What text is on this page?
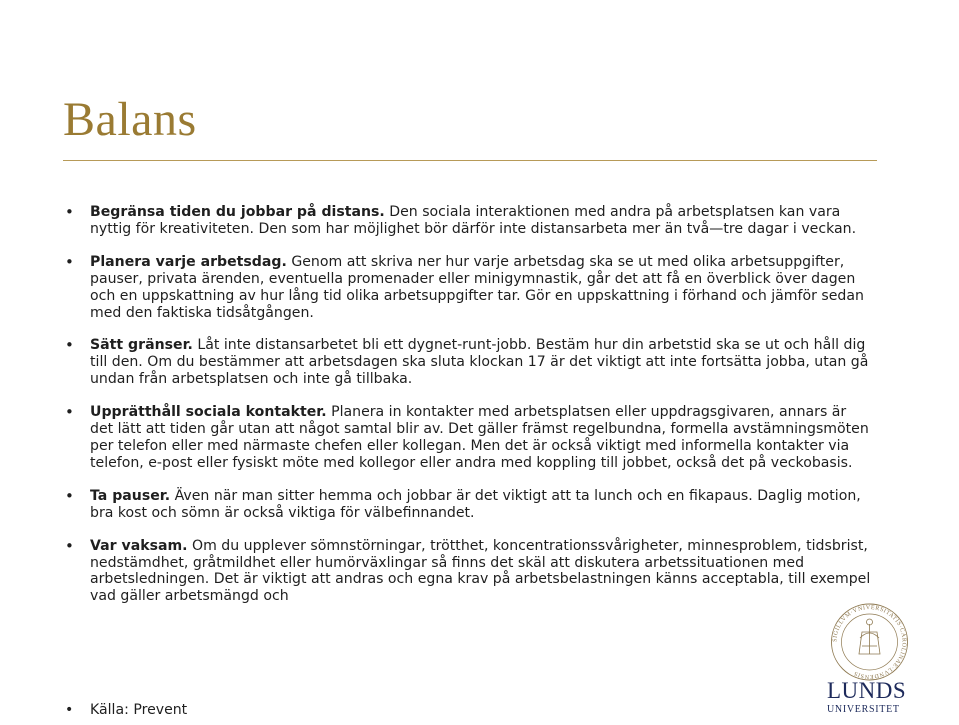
Balans
• Begränsa tiden du jobbar på distans. Den sociala interaktionen med andra på arbetsplatsen kan vara nyttig för kreativiteten. Den som har möjlighet bör därför inte distansarbeta mer än två—tre dagar i veckan.
• Planera varje arbetsdag. Genom att skriva ner hur varje arbetsdag ska se ut med olika arbetsuppgifter, pauser, privata ärenden, eventuella promenader eller minigymnastik, går det att få en överblick över dagen och en uppskattning av hur lång tid olika arbetsuppgifter tar. Gör en uppskattning i förhand och jämför sedan med den faktiska tidsåtgången.
• Sätt gränser. Låt inte distansarbetet bli ett dygnet-runt-jobb. Bestäm hur din arbetstid ska se ut och håll dig till den. Om du bestämmer att arbetsdagen ska sluta klockan 17 är det viktigt att inte fortsätta jobba, utan gå undan från arbetsplatsen och inte gå tillbaka.
• Upprätthåll sociala kontakter. Planera in kontakter med arbetsplatsen eller uppdragsgivaren, annars är det lätt att tiden går utan att något samtal blir av. Det gäller främst regelbundna, formella avstämningsmöten per telefon eller med närmaste chefen eller kollegan. Men det är också viktigt med informella kontakter via telefon, e-post eller fysiskt möte med kollegor eller andra med koppling till jobbet, också det på veckobasis.
• Ta pauser. Även när man sitter hemma och jobbar är det viktigt att ta lunch och en fikapaus. Daglig motion, bra kost och sömn är också viktiga för välbefinnandet.
• Var vaksam. Om du upplever sömnstörningar, trötthet, koncentrationssvårigheter, minnesproblem, tidsbrist, nedstämdhet, gråtmildhet eller humörväxlingar så finns det skäl att diskutera arbetssituationen med arbetsledningen. Det är viktigt att andras och egna krav på arbetsbelastningen känns acceptabla, till exempel vad gäller arbetsmängd och
• Källa: Prevent
SIGILLVM·VNIVERSITATIS·CAROLINAE·LVNDENSIS
LUNDS
UNIVERSITET
